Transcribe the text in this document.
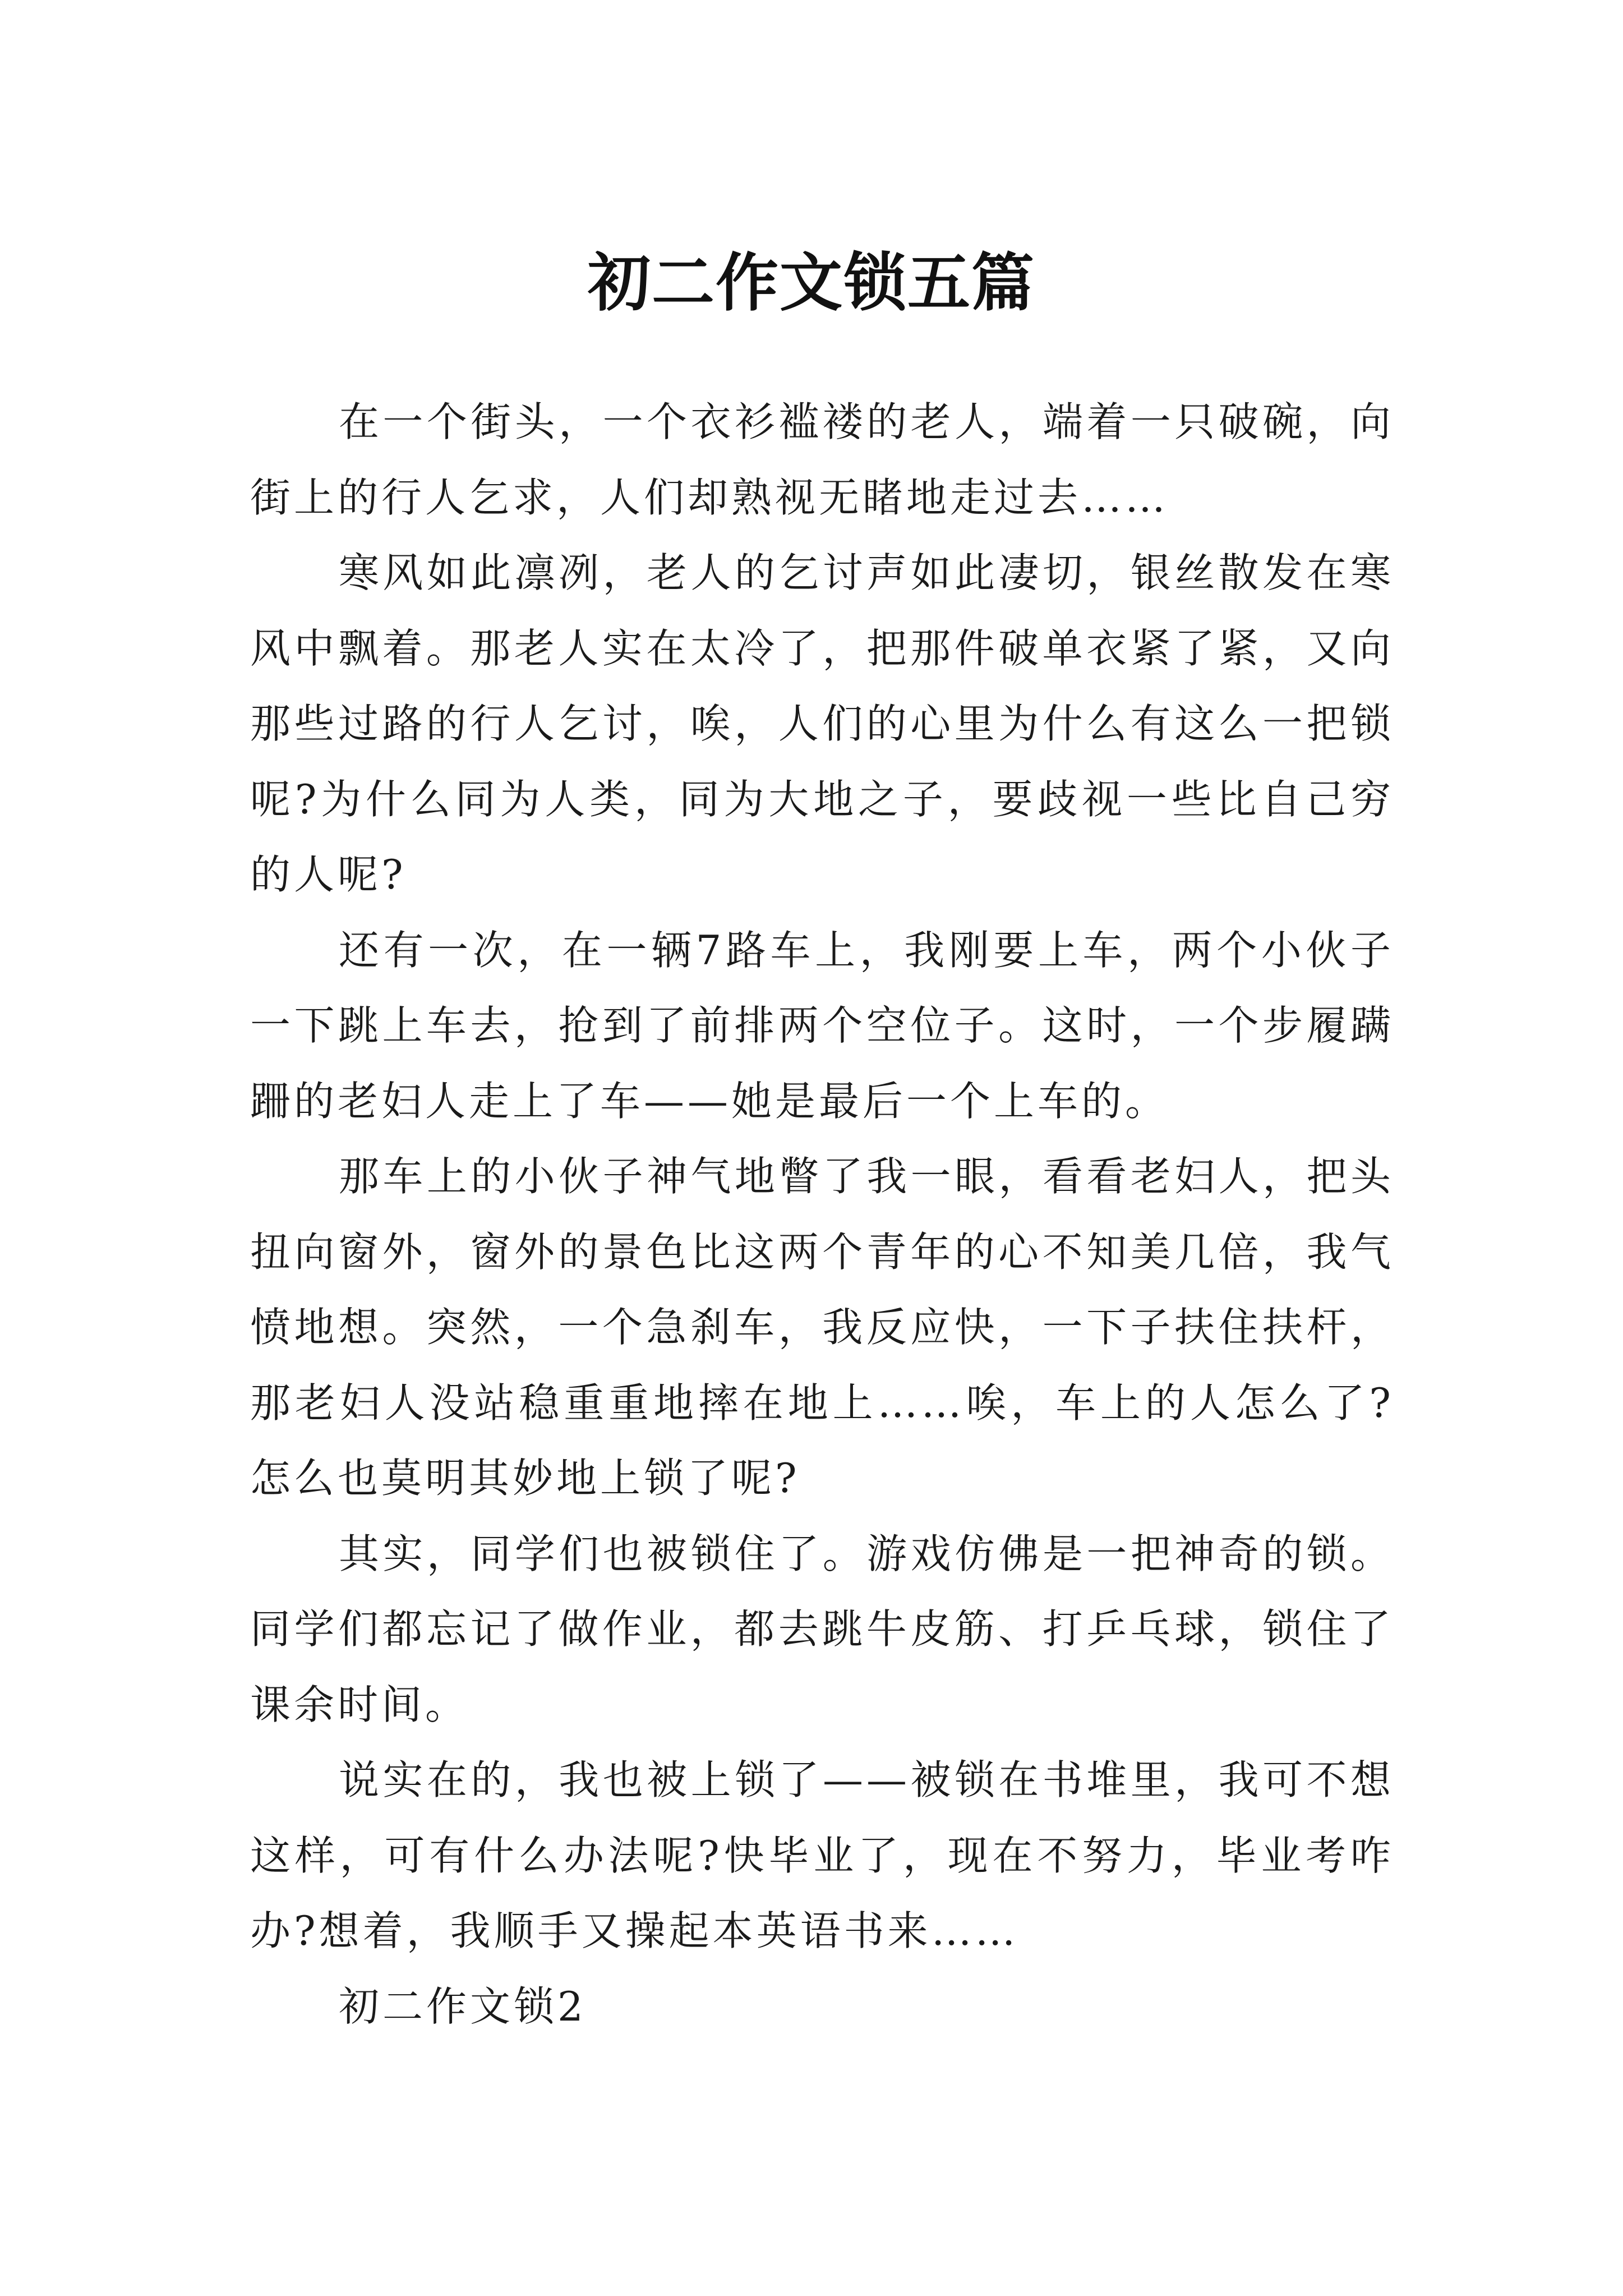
初二作文锁五篇

在一个街头，一个衣衫褴褛的老人，端着一只破碗，向街上的行人乞求，人们却熟视无睹地走过去……

寒风如此凛冽，老人的乞讨声如此凄切，银丝散发在寒风中飘着。那老人实在太冷了，把那件破单衣紧了紧，又向那些过路的行人乞讨，唉，人们的心里为什么有这么一把锁呢?为什么同为人类，同为大地之子，要歧视一些比自己穷的人呢?

还有一次，在一辆7路车上，我刚要上车，两个小伙子一下跳上车去，抢到了前排两个空位子。这时，一个步履蹒跚的老妇人走上了车——她是最后一个上车的。

那车上的小伙子神气地瞥了我一眼，看看老妇人，把头扭向窗外，窗外的景色比这两个青年的心不知美几倍，我气愤地想。突然，一个急刹车，我反应快，一下子扶住扶杆，那老妇人没站稳重重地摔在地上……唉，车上的人怎么了?怎么也莫明其妙地上锁了呢?

其实，同学们也被锁住了。游戏仿佛是一把神奇的锁。同学们都忘记了做作业，都去跳牛皮筋、打乒乓球，锁住了课余时间。

说实在的，我也被上锁了——被锁在书堆里，我可不想这样，可有什么办法呢?快毕业了，现在不努力，毕业考咋办?想着，我顺手又操起本英语书来……

初二作文锁2
